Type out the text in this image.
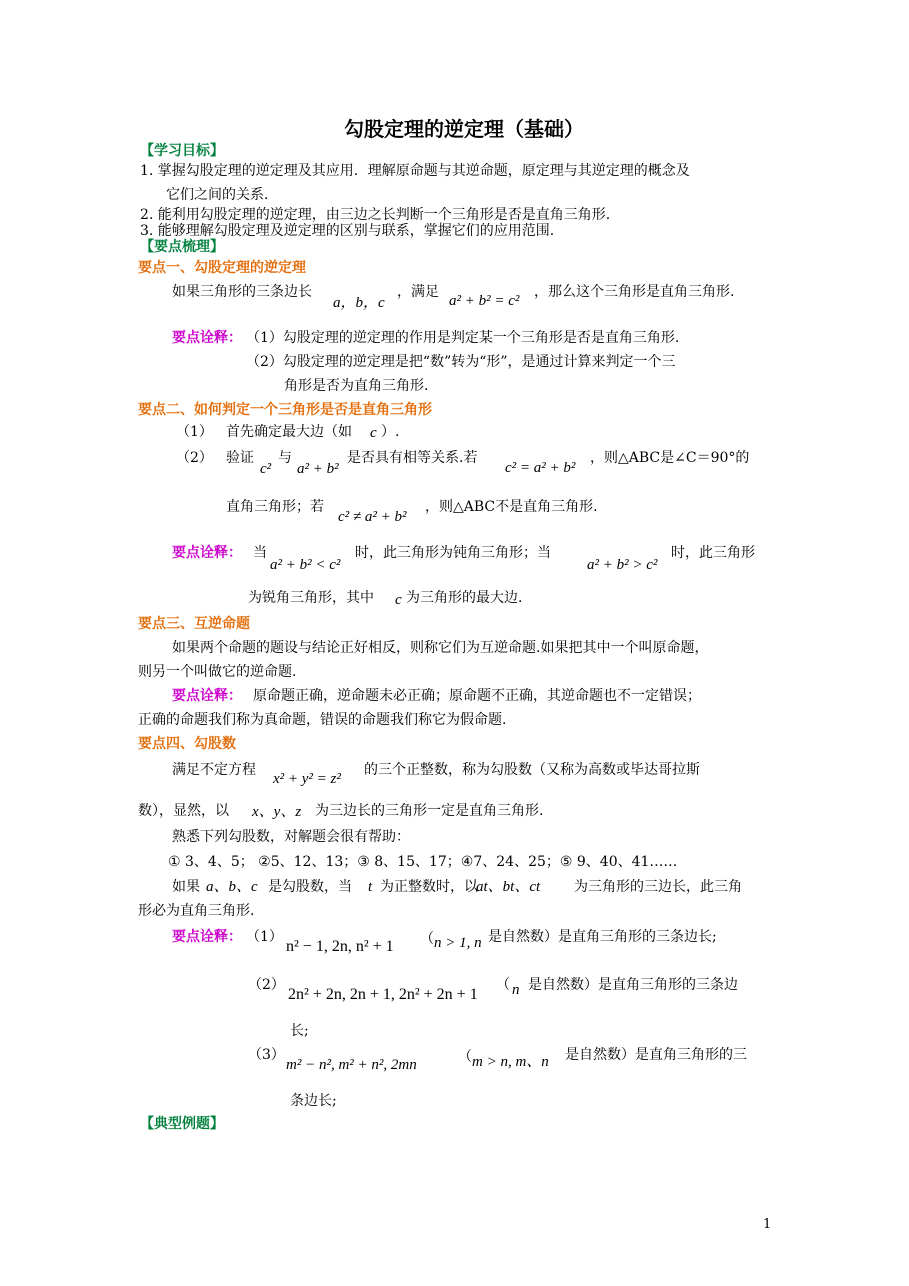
勾股定理的逆定理（基础）
【学习目标】
1. 掌握勾股定理的逆定理及其应用．理解原命题与其逆命题，原定理与其逆定理的概念及
它们之间的关系．
2. 能利用勾股定理的逆定理，由三边之长判断一个三角形是否是直角三角形.
3. 能够理解勾股定理及逆定理的区别与联系，掌握它们的应用范围.
【要点梳理】
要点一、勾股定理的逆定理
如果三角形的三条边长
a，b，c
，满足
a² + b² = c²
，那么这个三角形是直角三角形.
要点诠释： （1）勾股定理的逆定理的作用是判定某一个三角形是否是直角三角形.
（2）勾股定理的逆定理是把“数”转为“形”，是通过计算来判定一个三
角形是否为直角三角形.
要点二、如何判定一个三角形是否是直角三角形
（1） 首先确定最大边（如 c ）.
（2） 验证
c²
与
a² + b²
是否具有相等关系.若
c² = a² + b²
，则△ABC是∠C＝90°的
直角三角形；若
c² ≠ a² + b²
，则△ABC不是直角三角形.
要点诠释： 当
a² + b² < c²
时，此三角形为钝角三角形；当
a² + b² > c²
时，此三角形
为锐角三角形，其中 c 为三角形的最大边.
要点三、互逆命题
如果两个命题的题设与结论正好相反，则称它们为互逆命题.如果把其中一个叫原命题，
则另一个叫做它的逆命题.
要点诠释： 原命题正确，逆命题未必正确；原命题不正确，其逆命题也不一定错误；
正确的命题我们称为真命题，错误的命题我们称它为假命题.
要点四、勾股数
满足不定方程
x² + y² = z²
的三个正整数，称为勾股数（又称为高数或毕达哥拉斯
数），显然，以 x、y、z 为三边长的三角形一定是直角三角形.
熟悉下列勾股数，对解题会很有帮助：
① 3、4、5； ②5、12、13；③ 8、15、17；④7、24、25；⑤ 9、40、41……
如果 a、b、c 是勾股数，当 t 为正整数时，以
at、bt、ct 为三角形的三边长，此三角
形必为直角三角形.
要点诠释： （1）
n² − 1, 2n, n² + 1 （ n > 1, n 是自然数）是直角三角形的三条边长;
（2）
2n² + 2n, 2n + 1, 2n² + 2n + 1
（ n 是自然数）是直角三角形的三条边
长;
（3）
m² − n², m² + n², 2mn	（ m > n, m、n 是自然数）是直角三角形的三
条边长;
【典型例题】
1
